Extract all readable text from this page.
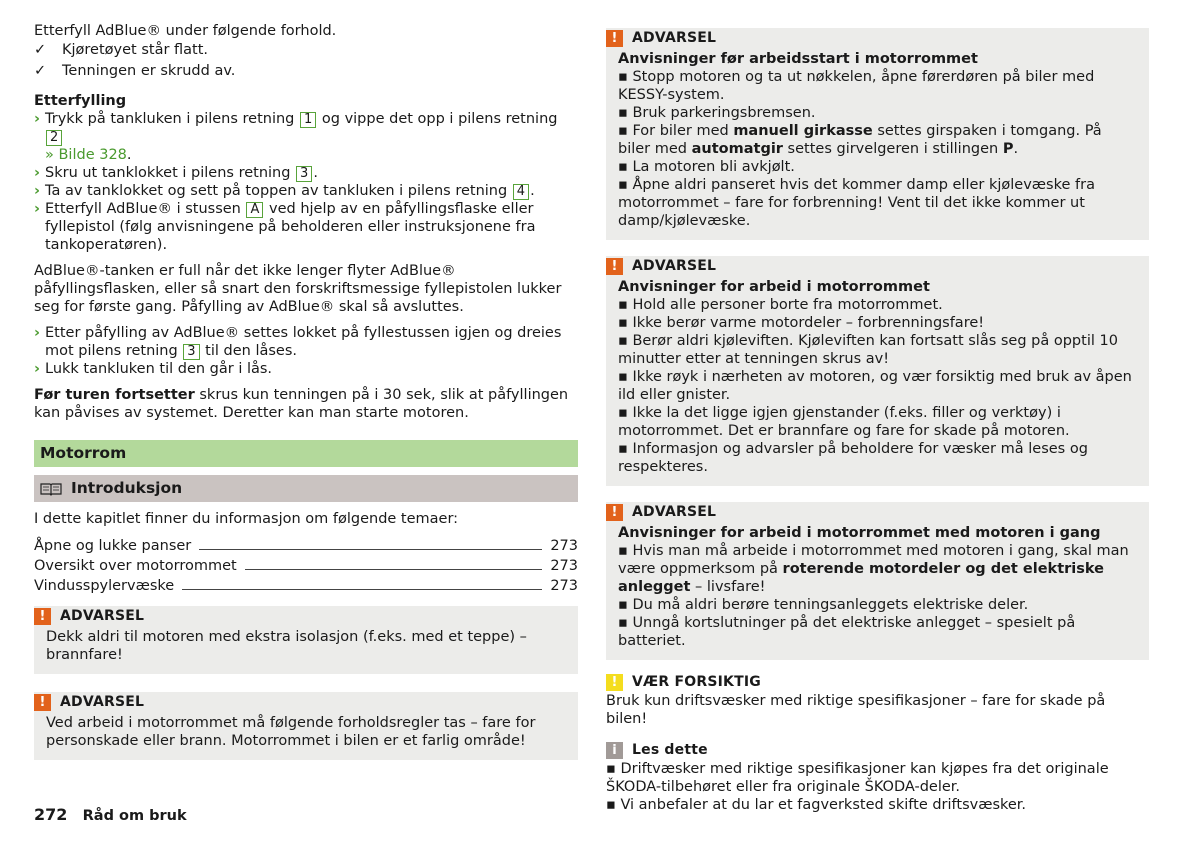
Etterfyll AdBlue® under følgende forhold.

✓	Kjøretøyet står flatt.
✓	Tenningen er skrudd av.
Etterfylling
› Trykk på tankluken i pilens retning 1 og vippe det opp i pilens retning 2
» Bilde 328.
› Skru ut tanklokket i pilens retning 3 .
› Ta av tanklokket og sett på toppen av tankluken i pilens retning 4 .
› Etterfyll AdBlue® i stussen A ved hjelp av en påfyllingsflaske eller fyllepistol (følg anvisningene på beholderen eller instruksjonene fra tankoperatøren).

AdBlue®-tanken er full når det ikke lenger flyter AdBlue® påfyllingsflasken, eller så snart den forskriftsmessige fyllepistolen lukker seg for første gang. Påfylling av AdBlue® skal så avsluttes.

› Etter påfylling av AdBlue® settes lokket på fyllestussen igjen og dreies mot pilens retning 3 til den låses.
› Lukk tankluken til den går i lås.

Før turen fortsetter skrus kun tenningen på i 30 sek, slik at påfyllingen kan påvises av systemet. Deretter kan man starte motoren.

Motorrom
Introduksjon

I dette kapitlet finner du informasjon om følgende temaer:

Åpne og lukke panser	273
Oversikt over motorrommet	273
Vindusspylervæske	273
!	ADVARSEL

Dekk aldri til motoren med ekstra isolasjon (f.eks. med et teppe) – brannfare!

!	ADVARSEL

Ved arbeid i motorrommet må følgende forholdsregler tas – fare for personskade eller brann. Motorrommet i bilen er et farlig område!

!	ADVARSEL

Anvisninger før arbeidsstart i motorrommet

▪ Stopp motoren og ta ut nøkkelen, åpne førerdøren på biler med KESSY-system.

▪ Bruk parkeringsbremsen.

▪ For biler med manuell girkasse settes girspaken i tomgang. På biler med automatgir settes girvelgeren i stillingen P.

▪ La motoren bli avkjølt.

▪ Åpne aldri panseret hvis det kommer damp eller kjølevæske fra motorrommet – fare for forbrenning! Vent til det ikke kommer ut damp/kjølevæske.

!	ADVARSEL

Anvisninger for arbeid i motorrommet

▪ Hold alle personer borte fra motorrommet.

▪ Ikke berør varme motordeler – forbrenningsfare!

▪ Berør aldri kjøleviften. Kjøleviften kan fortsatt slås seg på opptil 10 minutter etter at tenningen skrus av!

▪ Ikke røyk i nærheten av motoren, og vær forsiktig med bruk av åpen ild eller gnister.

▪ Ikke la det ligge igjen gjenstander (f.eks. filler og verktøy) i motorrommet. Det er brannfare og fare for skade på motoren.

▪ Informasjon og advarsler på beholdere for væsker må leses og respekteres.

!	ADVARSEL

Anvisninger for arbeid i motorrommet med motoren i gang

▪ Hvis man må arbeide i motorrommet med motoren i gang, skal man være oppmerksom på roterende motordeler og det elektriske anlegget – livsfare!

▪ Du må aldri berøre tenningsanleggets elektriske deler.

▪ Unngå kortslutninger på det elektriske anlegget – spesielt på batteriet.

!	VÆR FORSIKTIG

Bruk kun driftsvæsker med riktige spesifikasjoner – fare for skade på bilen!

i	Les dette

▪ Driftvæsker med riktige spesifikasjoner kan kjøpes fra det originale ŠKODA-tilbehøret eller fra originale ŠKODA-deler.

▪ Vi anbefaler at du lar et fagverksted skifte driftsvæsker.

272 Råd om bruk
